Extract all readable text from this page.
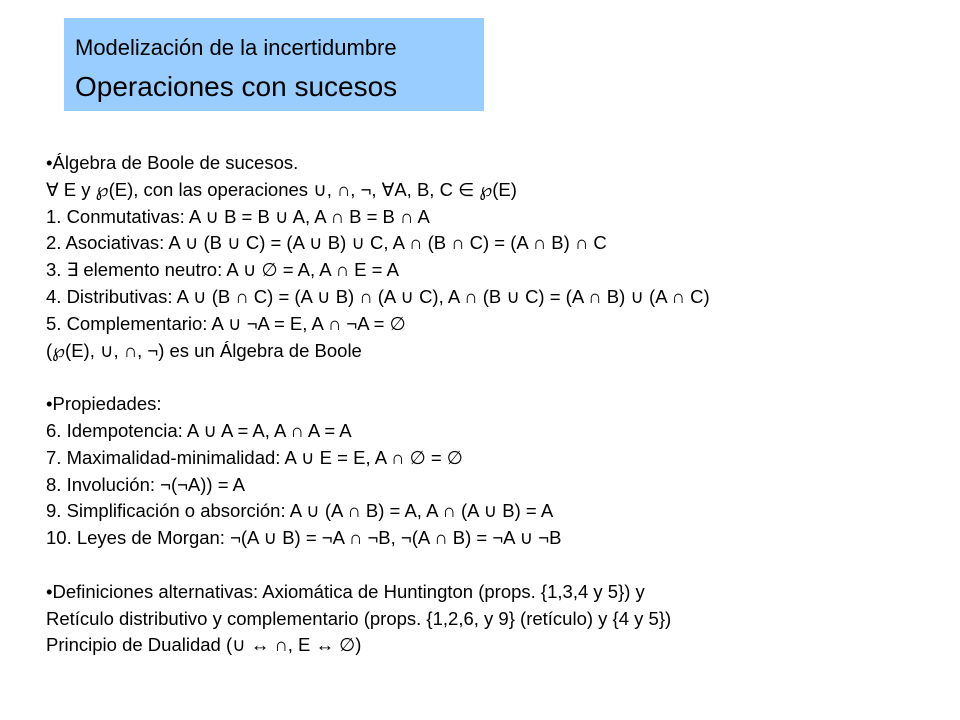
Modelización de la incertidumbre
Operaciones con sucesos
•Álgebra de Boole de sucesos.
∀ E y ℘(E), con las operaciones ∪, ∩, ¬, ∀A, B, C ∈ ℘(E)
1. Conmutativas: A ∪ B = B ∪ A, A ∩ B = B ∩ A
2. Asociativas: A ∪ (B ∪ C) = (A ∪ B) ∪ C, A ∩ (B ∩ C) = (A ∩ B) ∩ C
3. ∃ elemento neutro: A ∪ ∅ = A, A ∩ E = A
4. Distributivas: A ∪ (B ∩ C) = (A ∪ B) ∩ (A ∪ C), A ∩ (B ∪ C) = (A ∩ B) ∪ (A ∩ C)
5. Complementario: A ∪ ¬A = E, A ∩ ¬A = ∅
(℘(E), ∪, ∩, ¬) es un Álgebra de Boole
•Propiedades:
6. Idempotencia: A ∪ A = A, A ∩ A = A
7. Maximalidad-minimalidad: A ∪ E = E, A ∩ ∅ = ∅
8. Involución: ¬(¬A)) = A
9. Simplificación o absorción: A ∪ (A ∩ B) = A, A ∩ (A ∪ B) = A
10. Leyes de Morgan: ¬(A ∪ B) = ¬A ∩ ¬B, ¬(A ∩ B) = ¬A ∪ ¬B
•Definiciones alternativas: Axiomática de Huntington (props. {1,3,4 y 5}) y
Retículo distributivo y complementario (props. {1,2,6, y 9} (retículo) y {4 y 5})
Principio de Dualidad (∪ ↔ ∩, E ↔ ∅)
